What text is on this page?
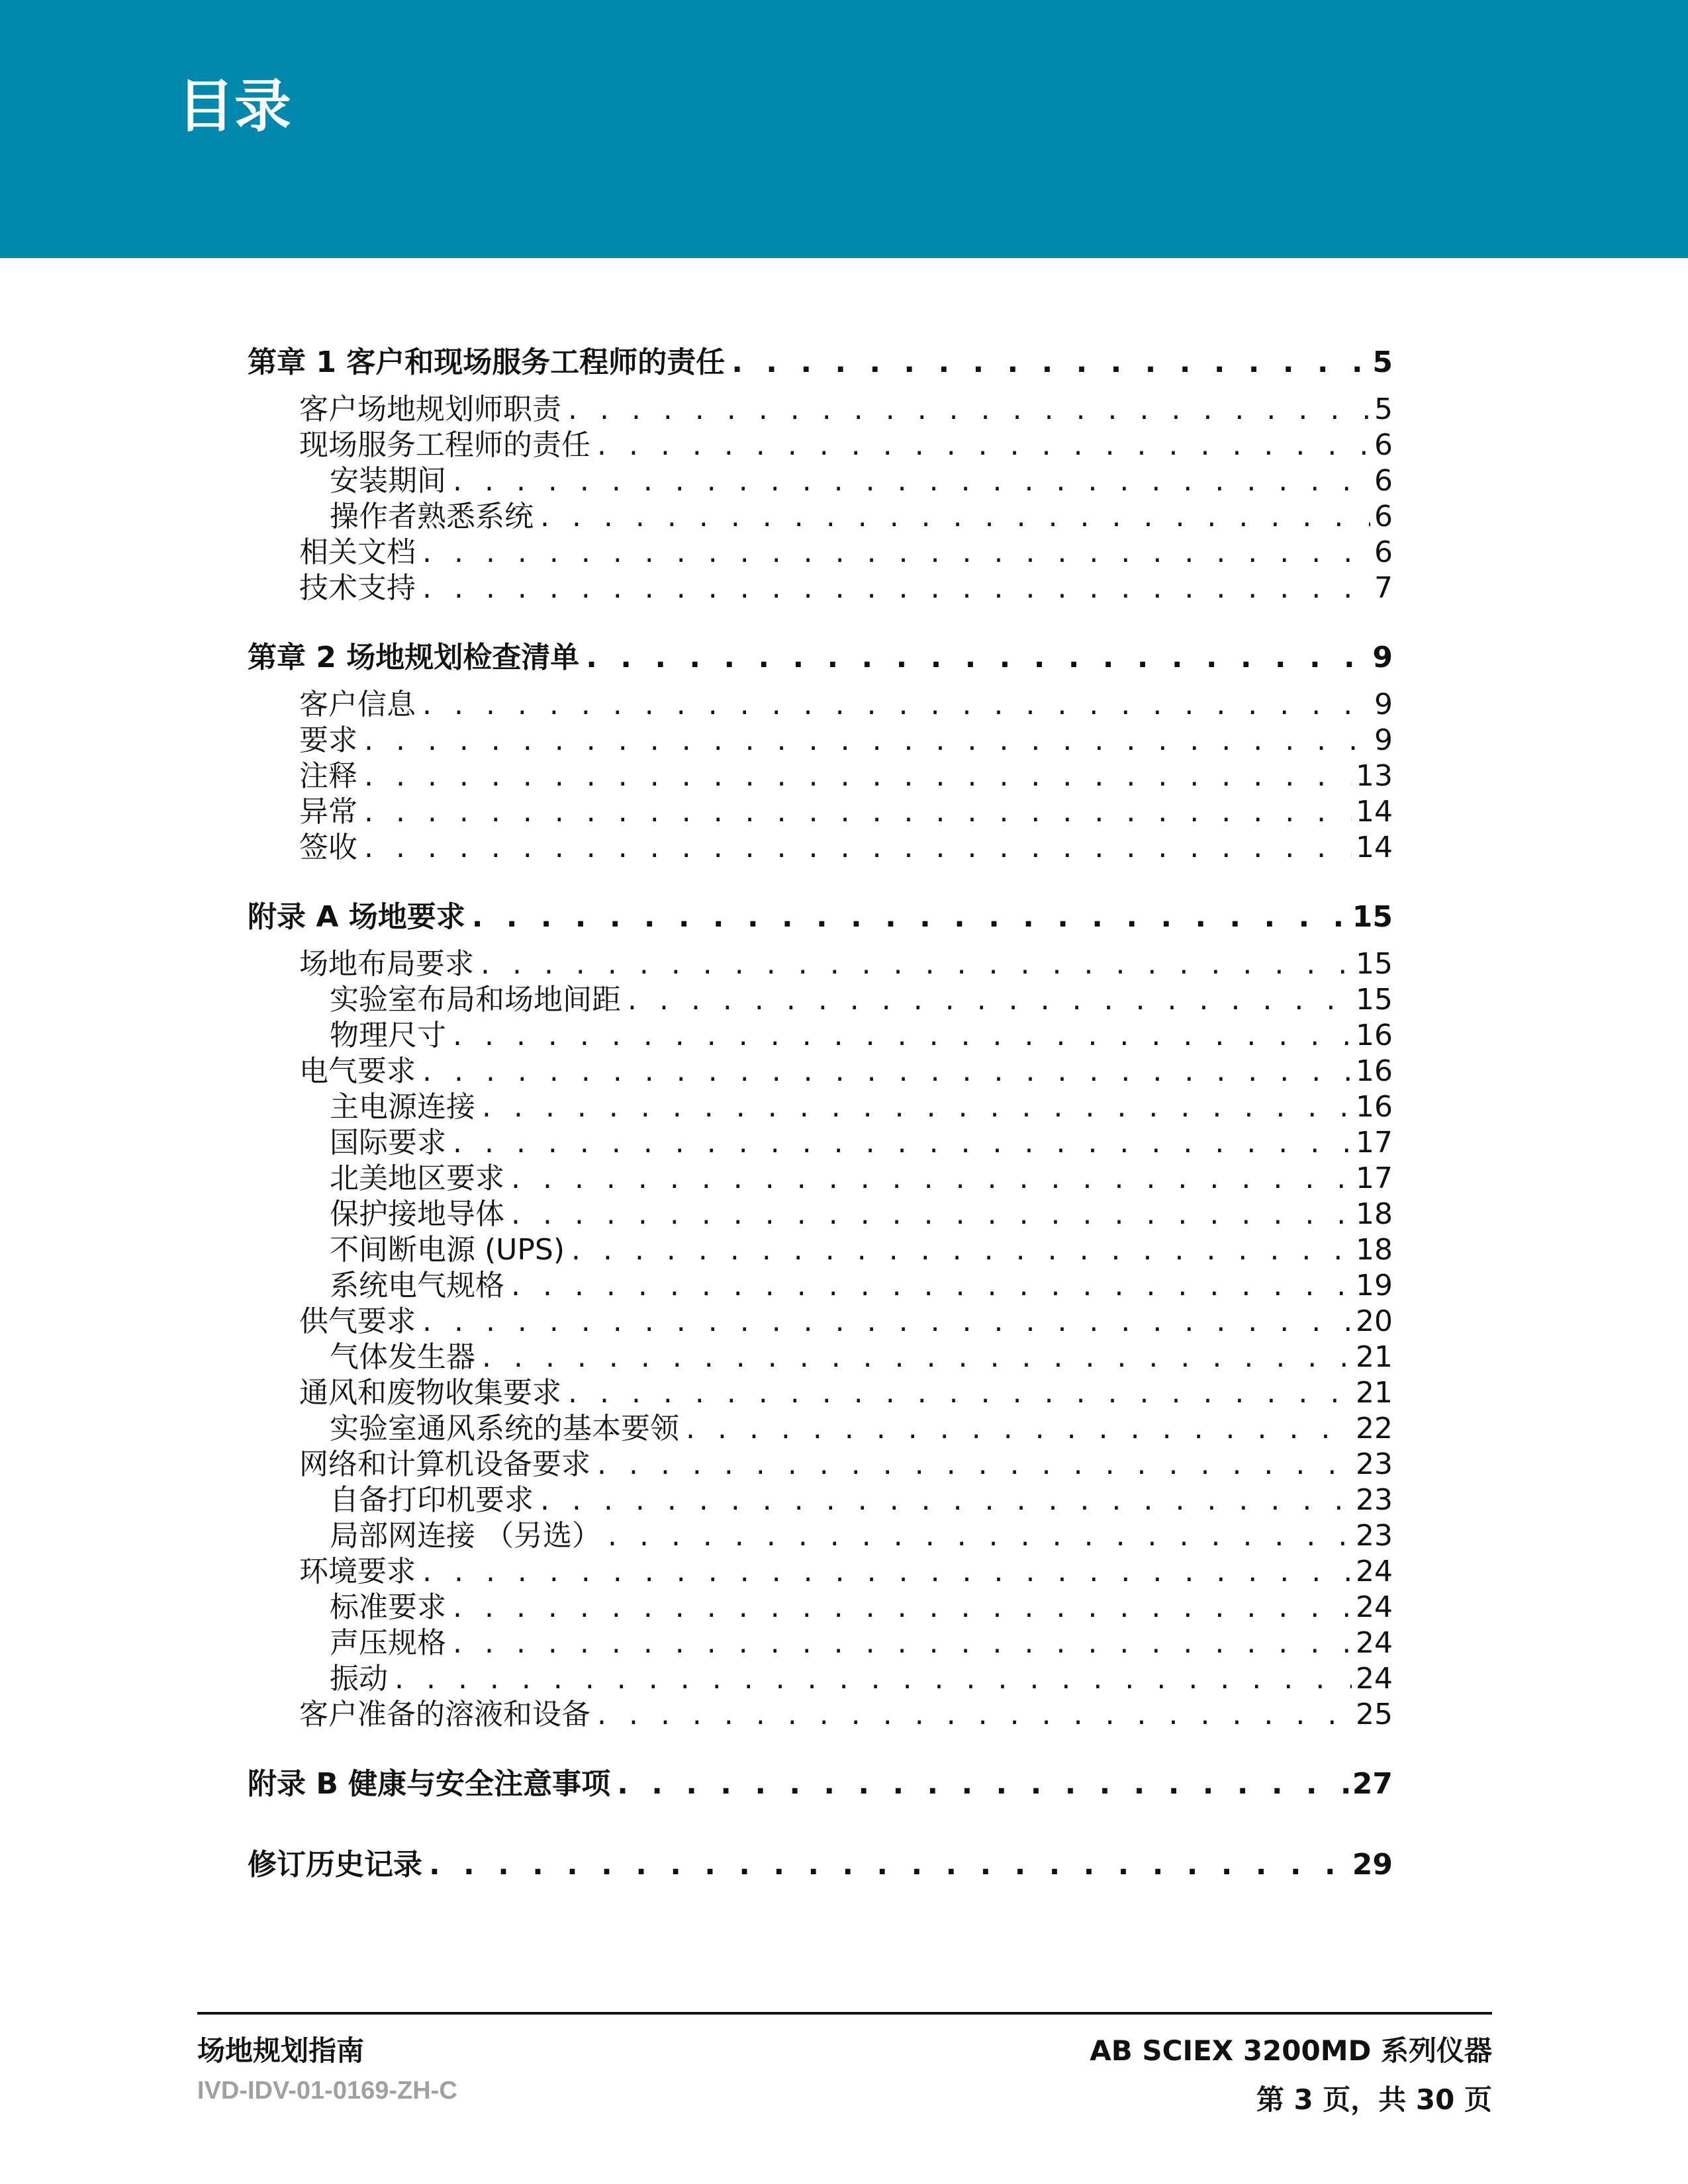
目录
第章 1 客户和现场服务工程师的责任 . . .	5
客户场地规划师职责 . . .	5
现场服务工程师的责任 . . .	6
安装期间 . . .	6
操作者熟悉系统 . . .	6
相关文档 . . .	6
技术支持 . . .	7
第章 2 场地规划检查清单 . . .	9
客户信息 . . .	9
要求 . . .	9
注释 . . .	13
异常 . . .	14
签收 . . .	14
附录 A 场地要求 . . .	15
场地布局要求 . . .	15
实验室布局和场地间距 . . .	15
物理尺寸 . . .	16
电气要求 . . .	16
主电源连接 . . .	16
国际要求 . . .	17
北美地区要求 . . .	17
保护接地导体 . . .	18
不间断电源 (UPS) . . .	18
系统电气规格 . . .	19
供气要求 . . .	20
气体发生器 . . .	21
通风和废物收集要求 . . .	21
实验室通风系统的基本要领 . . .	22
网络和计算机设备要求 . . .	23
自备打印机要求 . . .	23
局部网连接 （另选） . . .	23
环境要求 . . .	24
标准要求 . . .	24
声压规格 . . .	24
振动 . . .	24
客户准备的溶液和设备 . . .	25
附录 B 健康与安全注意事项 . . .	27
修订历史记录 . . .	29
场地规划指南
IVD-IDV-01-0169-ZH-C
AB SCIEX 3200MD 系列仪器
第 3 页，共 30 页
